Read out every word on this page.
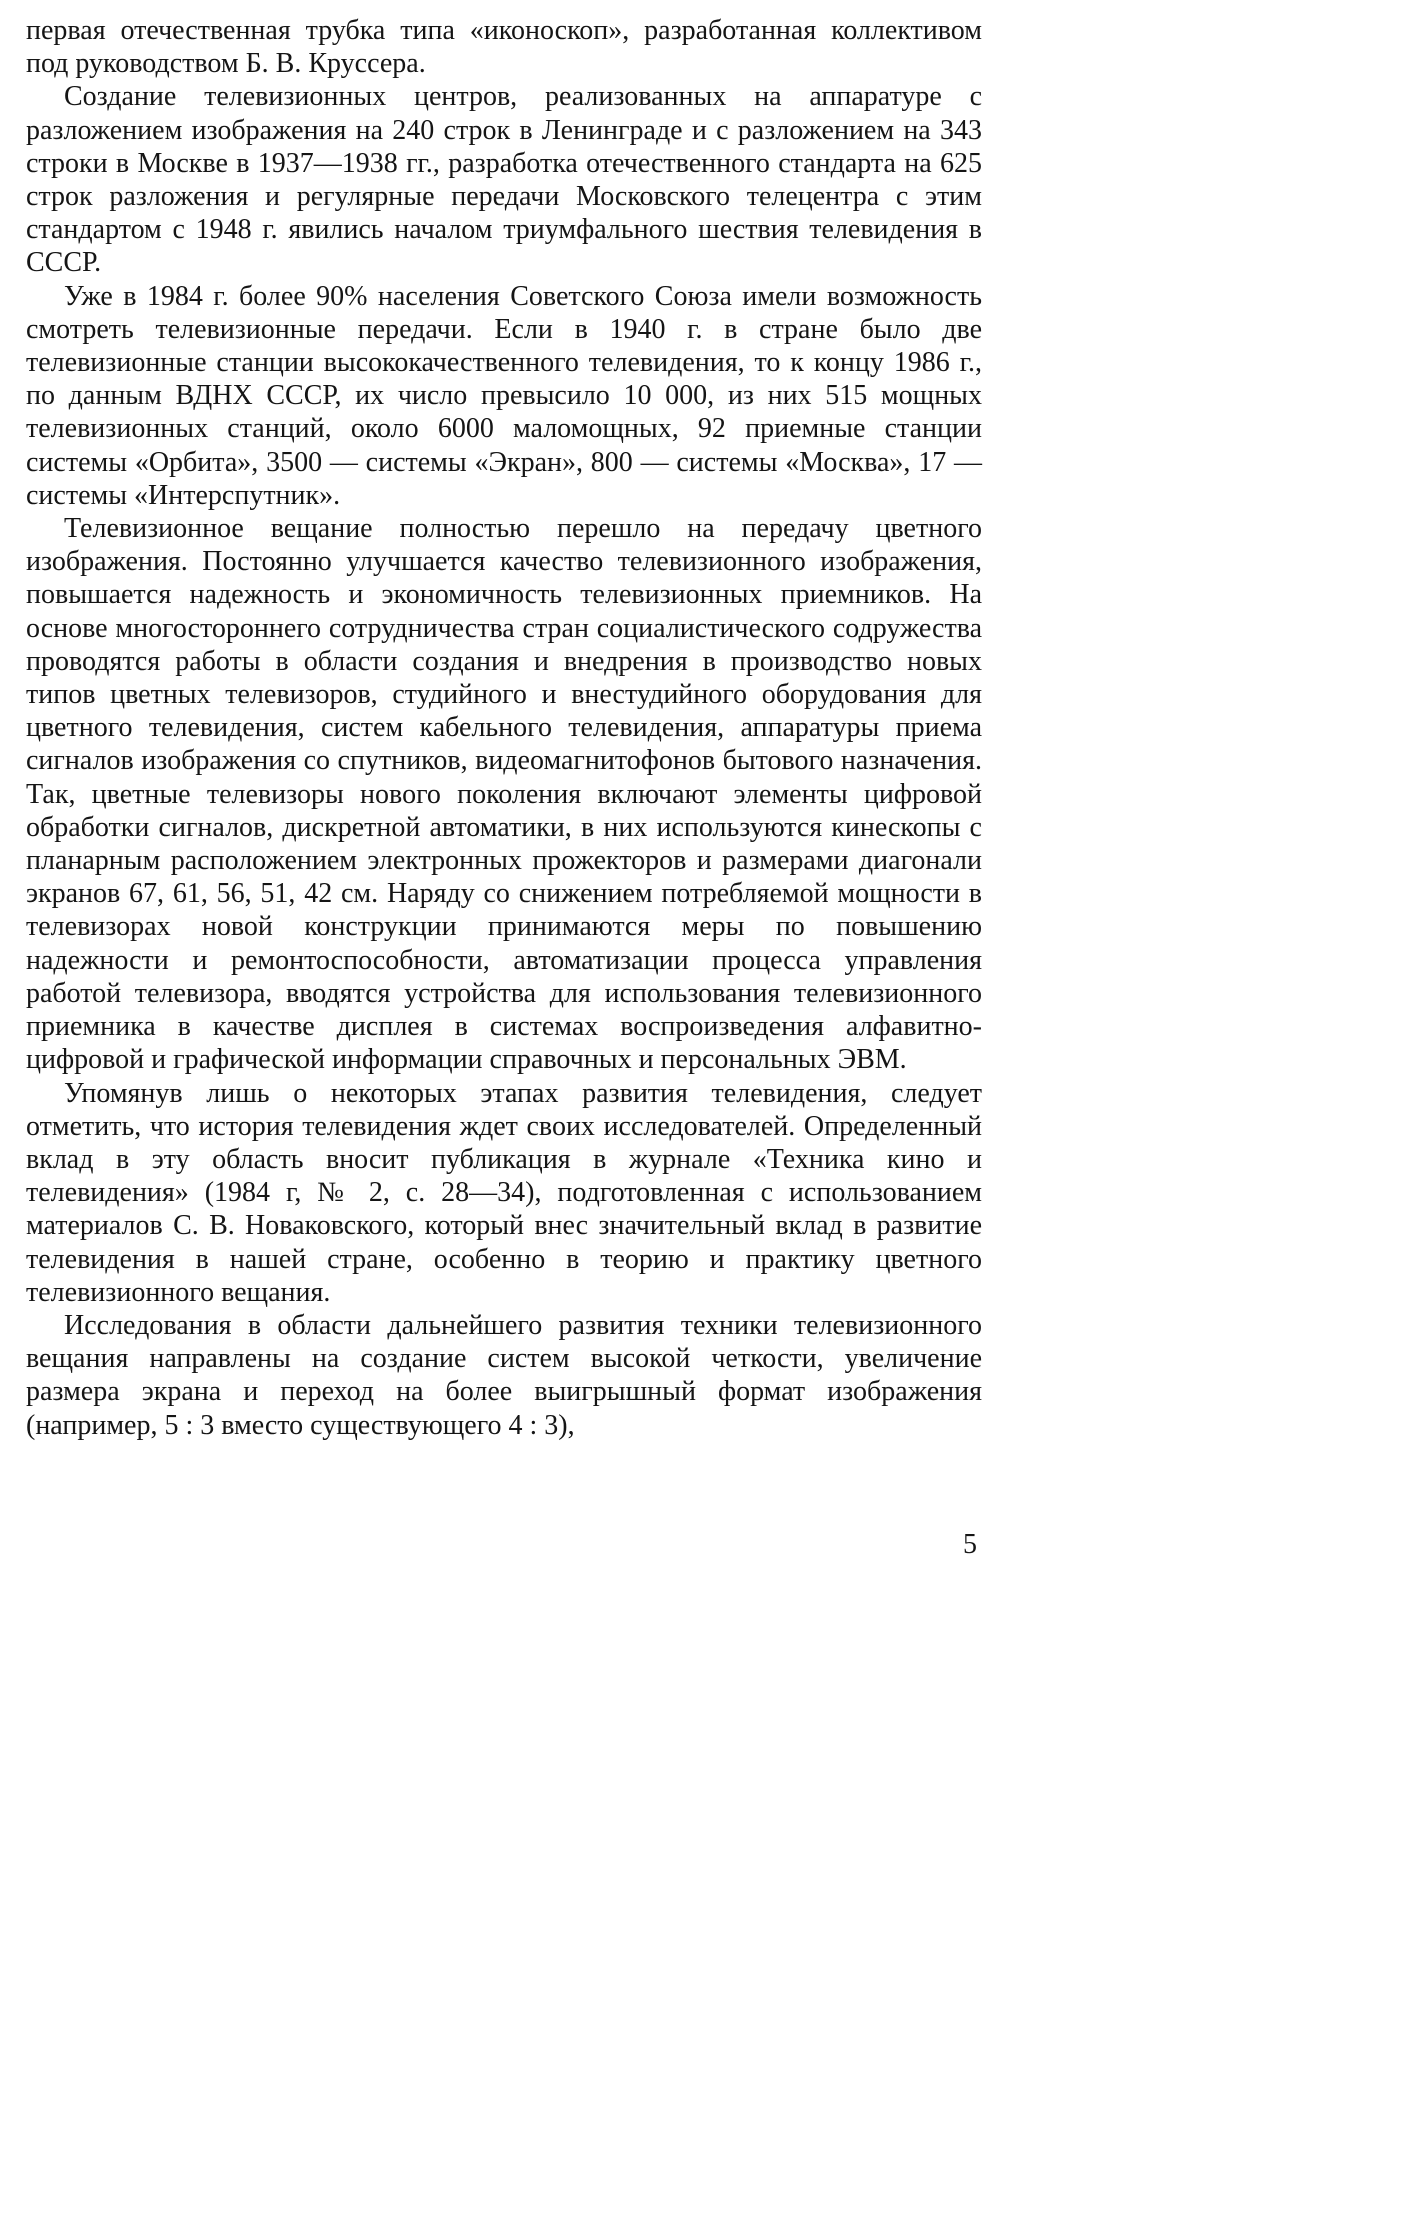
первая отечественная трубка типа «иконоскоп», разработанная коллективом под руководством Б. В. Круссера.

Создание телевизионных центров, реализованных на аппаратуре с разложением изображения на 240 строк в Ленинграде и с разложением на 343 строки в Москве в 1937—1938 гг., разработка отечественного стандарта на 625 строк разложения и регулярные передачи Московского телецентра с этим стандартом с 1948 г. явились началом триумфального шествия телевидения в СССР.

Уже в 1984 г. более 90% населения Советского Союза имели возможность смотреть телевизионные передачи. Если в 1940 г. в стране было две телевизионные станции высококачественного телевидения, то к концу 1986 г., по данным ВДНХ СССР, их число превысило 10 000, из них 515 мощных телевизионных станций, около 6000 маломощных, 92 приемные станции системы «Орбита», 3500 — системы «Экран», 800 — системы «Москва», 17 — системы «Интерспутник».

Телевизионное вещание полностью перешло на передачу цветного изображения. Постоянно улучшается качество телевизионного изображения, повышается надежность и экономичность телевизионных приемников. На основе многостороннего сотрудничества стран социалистического содружества проводятся работы в области создания и внедрения в производство новых типов цветных телевизоров, студийного и внестудийного оборудования для цветного телевидения, систем кабельного телевидения, аппаратуры приема сигналов изображения со спутников, видеомагнитофонов бытового назначения. Так, цветные телевизоры нового поколения включают элементы цифровой обработки сигналов, дискретной автоматики, в них используются кинескопы с планарным расположением электронных прожекторов и размерами диагонали экранов 67, 61, 56, 51, 42 см. Наряду со снижением потребляемой мощности в телевизорах новой конструкции принимаются меры по повышению надежности и ремонтоспособности, автоматизации процесса управления работой телевизора, вводятся устройства для использования телевизионного приемника в качестве дисплея в системах воспроизведения алфавитно-цифровой и графической информации справочных и персональных ЭВМ.

Упомянув лишь о некоторых этапах развития телевидения, следует отметить, что история телевидения ждет своих исследователей. Определенный вклад в эту область вносит публикация в журнале «Техника кино и телевидения» (1984 г, № 2, с. 28—34), подготовленная с использованием материалов С. В. Новаковского, который внес значительный вклад в развитие телевидения в нашей стране, особенно в теорию и практику цветного телевизионного вещания.

Исследования в области дальнейшего развития техники телевизионного вещания направлены на создание систем высокой четкости, увеличение размера экрана и переход на более выигрышный формат изображения (например, 5 : 3 вместо существующего 4 : 3),

5
